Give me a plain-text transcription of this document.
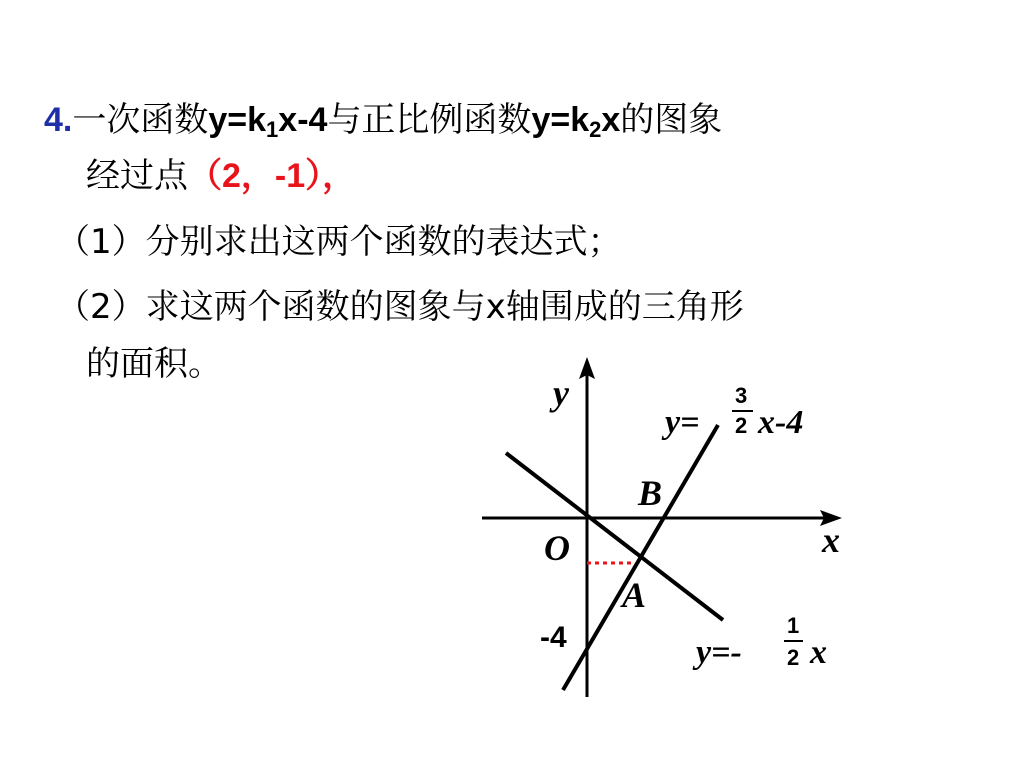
4.一次函数$y=k_1x-4$与正比例函数$y=k_2x$的图象
经过点（2，-1），
（1）分别求出这两个函数的表达式；
（2）求这两个函数的图象与x轴围成的三角形
的面积。
y
x
O
B
A
-4
y=
3
2 x-4
y=-
1
2 x
